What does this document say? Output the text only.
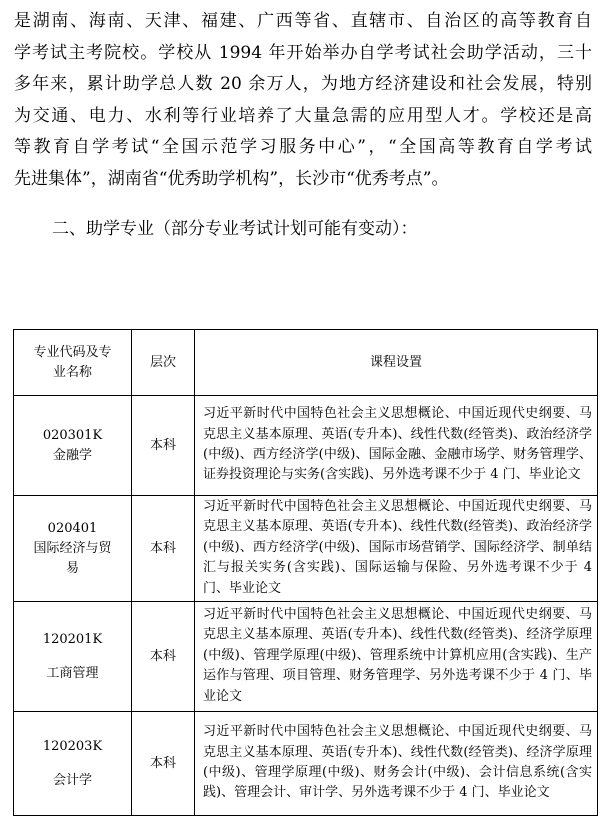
是湖南、海南、天津、福建、广西等省、直辖市、自治区的高等教育自
学考试主考院校。学校从 1994 年开始举办自学考试社会助学活动，三十
多年来，累计助学总人数 20 余万人，为地方经济建设和社会发展，特别
为交通、电力、水利等行业培养了大量急需的应用型人才。学校还是高
等教育自学考试“全国示范学习服务中心”，“全国高等教育自学考试
先进集体”，湖南省“优秀助学机构”，长沙市“优秀考点”。

二、助学专业（部分专业考试计划可能有变动）：

专业代码及专
业名称	层次	课程设置

020301K
金融学	本科	习近平新时代中国特色社会主义思想概论、中国近现代史纲要、马克思主义基本原理、英语(专升本)、线性代数(经管类)、政治经济学(中级)、西方经济学(中级)、国际金融、金融市场学、财务管理学、证券投资理论与实务(含实践)、另外选考课不少于 4 门、毕业论文

020401
国际经济与贸
易	本科	习近平新时代中国特色社会主义思想概论、中国近现代史纲要、马克思主义基本原理、英语(专升本)、线性代数(经管类)、政治经济学(中级)、西方经济学(中级)、国际市场营销学、国际经济学、制单结汇与报关实务(含实践)、国际运输与保险、另外选考课不少于 4 门、毕业论文

120201K
工商管理	本科	习近平新时代中国特色社会主义思想概论、中国近现代史纲要、马克思主义基本原理、英语(专升本)、线性代数(经管类)、经济学原理(中级)、管理学原理(中级)、管理系统中计算机应用(含实践)、生产运作与管理、项目管理、财务管理学、另外选考课不少于 4 门、毕业论文

120203K
会计学	本科	习近平新时代中国特色社会主义思想概论、中国近现代史纲要、马克思主义基本原理、英语(专升本)、线性代数(经管类)、经济学原理(中级)、管理学原理(中级)、财务会计(中级)、会计信息系统(含实践)、管理会计、审计学、另外选考课不少于 4 门、毕业论文
